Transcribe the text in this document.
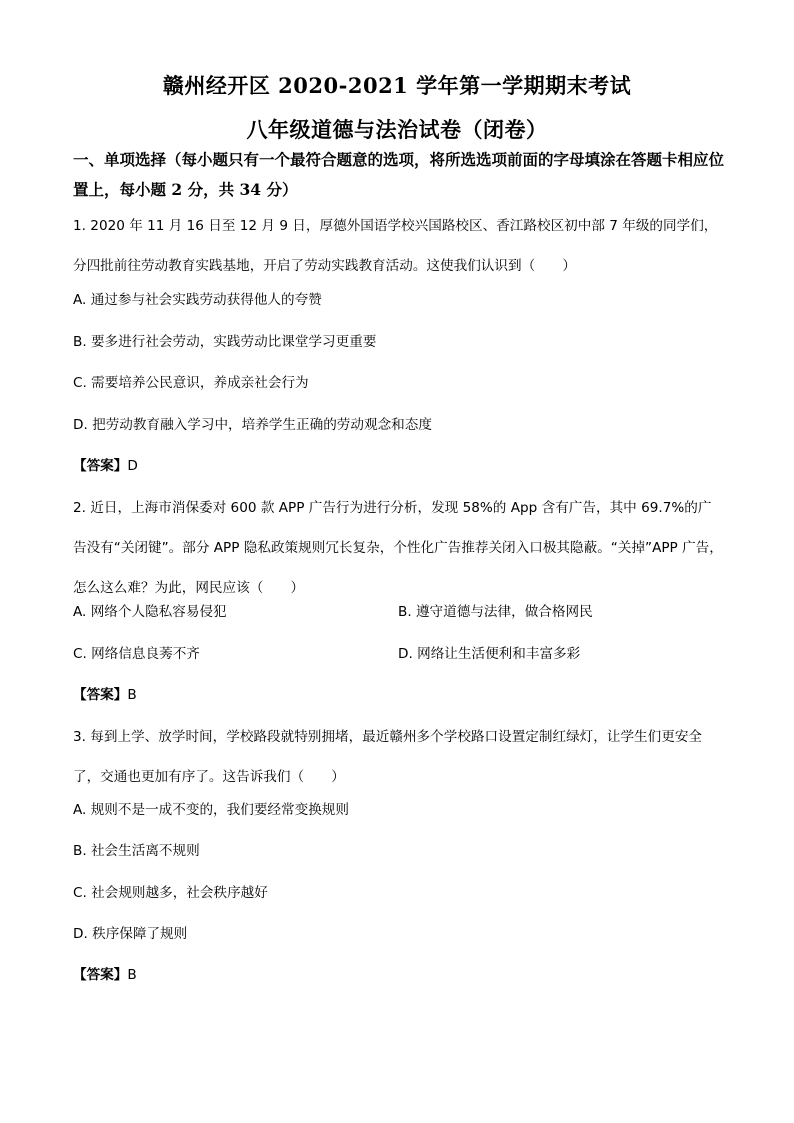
赣州经开区 2020-2021 学年第一学期期末考试
八年级道德与法治试卷（闭卷）
一、单项选择（每小题只有一个最符合题意的选项，将所选选项前面的字母填涂在答题卡相应位置上，每小题 2 分，共 34 分）
1. 2020 年 11 月 16 日至 12 月 9 日，厚德外国语学校兴国路校区、香江路校区初中部 7 年级的同学们，分四批前往劳动教育实践基地，开启了劳动实践教育活动。这使我们认识到（　　）
A. 通过参与社会实践劳动获得他人的夸赞
B. 要多进行社会劳动，实践劳动比课堂学习更重要
C. 需要培养公民意识，养成亲社会行为
D. 把劳动教育融入学习中，培养学生正确的劳动观念和态度
【答案】D
2. 近日，上海市消保委对 600 款 APP 广告行为进行分析，发现 58%的 App 含有广告，其中 69.7%的广告没有“关闭键”。部分 APP 隐私政策规则冗长复杂，个性化广告推荐关闭入口极其隐蔽。“关掉”APP 广告，怎么这么难？为此，网民应该（　　）
A. 网络个人隐私容易侵犯	B. 遵守道德与法律，做合格网民
C. 网络信息良莠不齐	D. 网络让生活便利和丰富多彩
【答案】B
3. 每到上学、放学时间，学校路段就特别拥堵，最近赣州多个学校路口设置定制红绿灯，让学生们更安全了，交通也更加有序了。这告诉我们（　　）
A. 规则不是一成不变的，我们要经常变换规则
B. 社会生活离不规则
C. 社会规则越多，社会秩序越好
D. 秩序保障了规则
【答案】B
